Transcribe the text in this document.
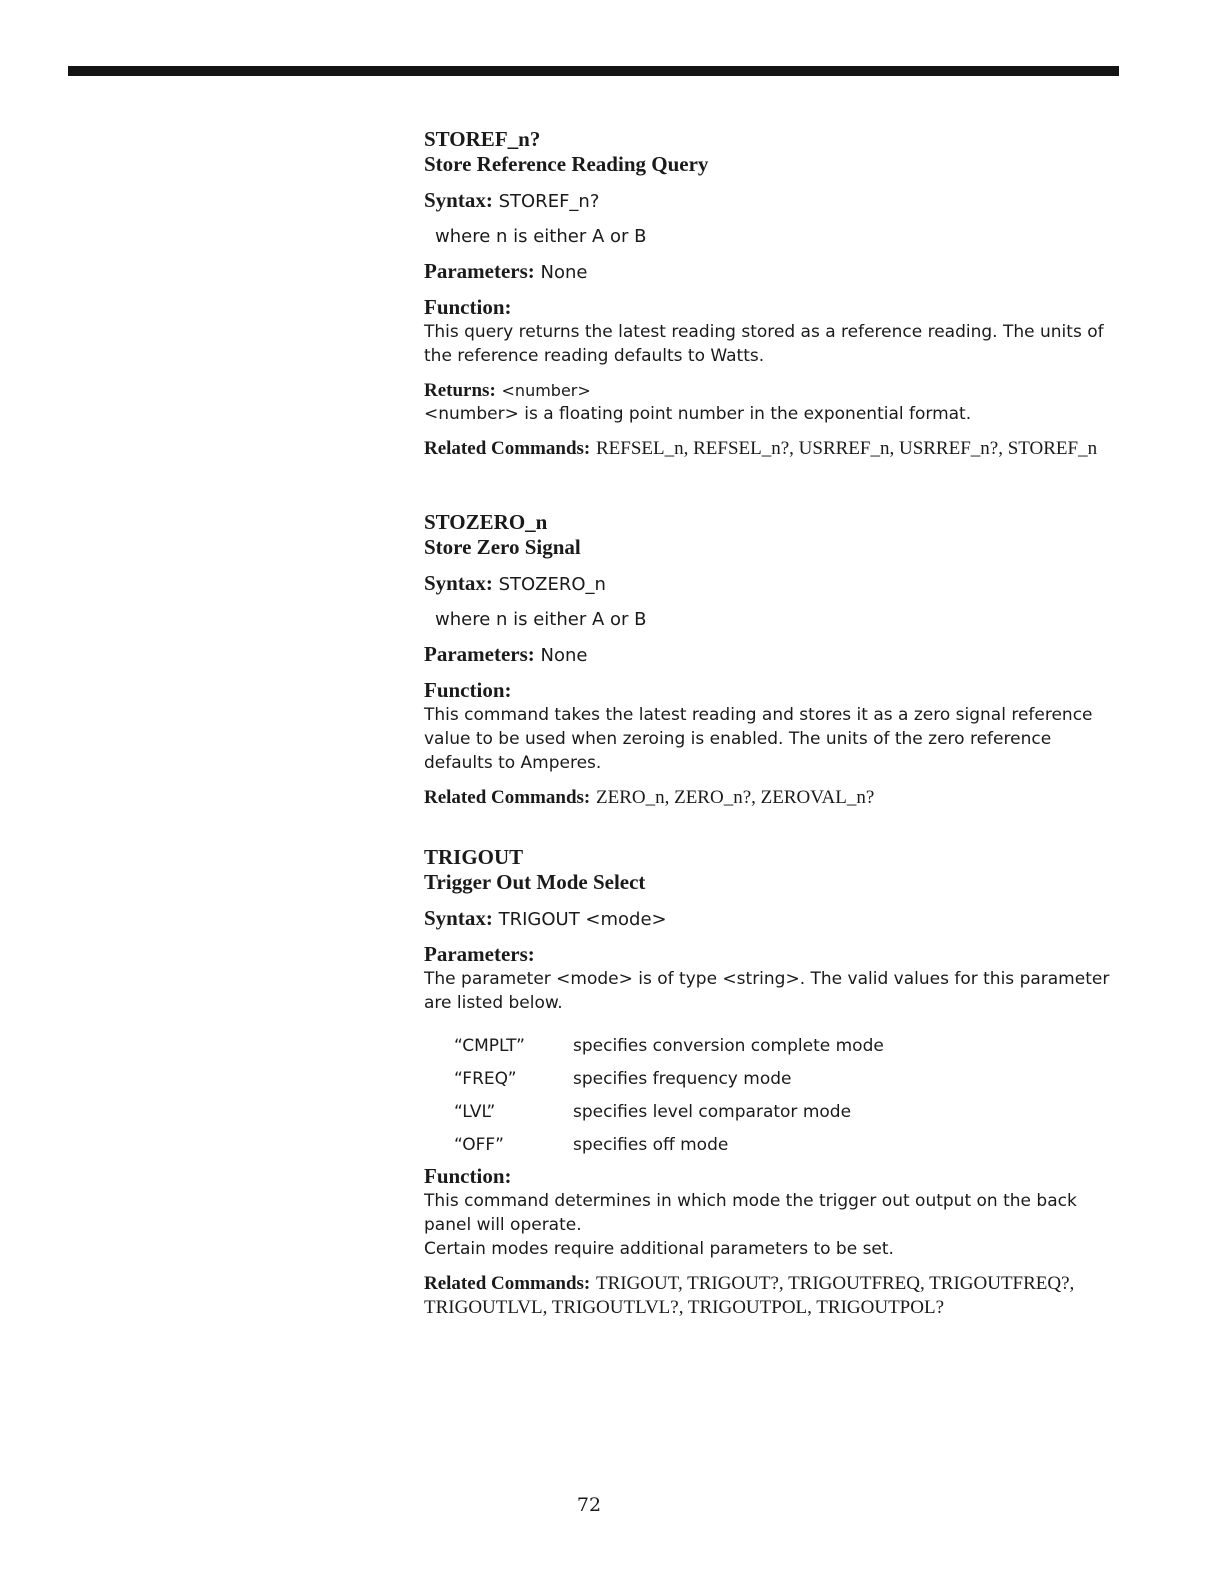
STOREF_n?

Store Reference Reading Query

Syntax: STOREF_n?

where n is either A or B

Parameters: None

Function:

This query returns the latest reading stored as a reference reading. The units of the reference reading defaults to Watts.

Returns: <number>

<number> is a floating point number in the exponential format.

Related Commands: REFSEL_n, REFSEL_n?, USRREF_n, USRREF_n?, STOREF_n

STOZERO_n

Store Zero Signal

Syntax: STOZERO_n

where n is either A or B

Parameters: None

Function:

This command takes the latest reading and stores it as a zero signal reference value to be used when zeroing is enabled. The units of the zero reference defaults to Amperes.

Related Commands: ZERO_n, ZERO_n?, ZEROVAL_n?

TRIGOUT

Trigger Out Mode Select

Syntax: TRIGOUT <mode>

Parameters:

The parameter <mode> is of type <string>. The valid values for this parameter are listed below.

“CMPLT”	specifies conversion complete mode
“FREQ”	specifies frequency mode
“LVL”	specifies level comparator mode
“OFF”	specifies off mode

Function:

This command determines in which mode the trigger out output on the back panel will operate.

Certain modes require additional parameters to be set.

Related Commands: TRIGOUT, TRIGOUT?, TRIGOUTFREQ, TRIGOUTFREQ?, TRIGOUTLVL, TRIGOUTLVL?, TRIGOUTPOL, TRIGOUTPOL?

72
